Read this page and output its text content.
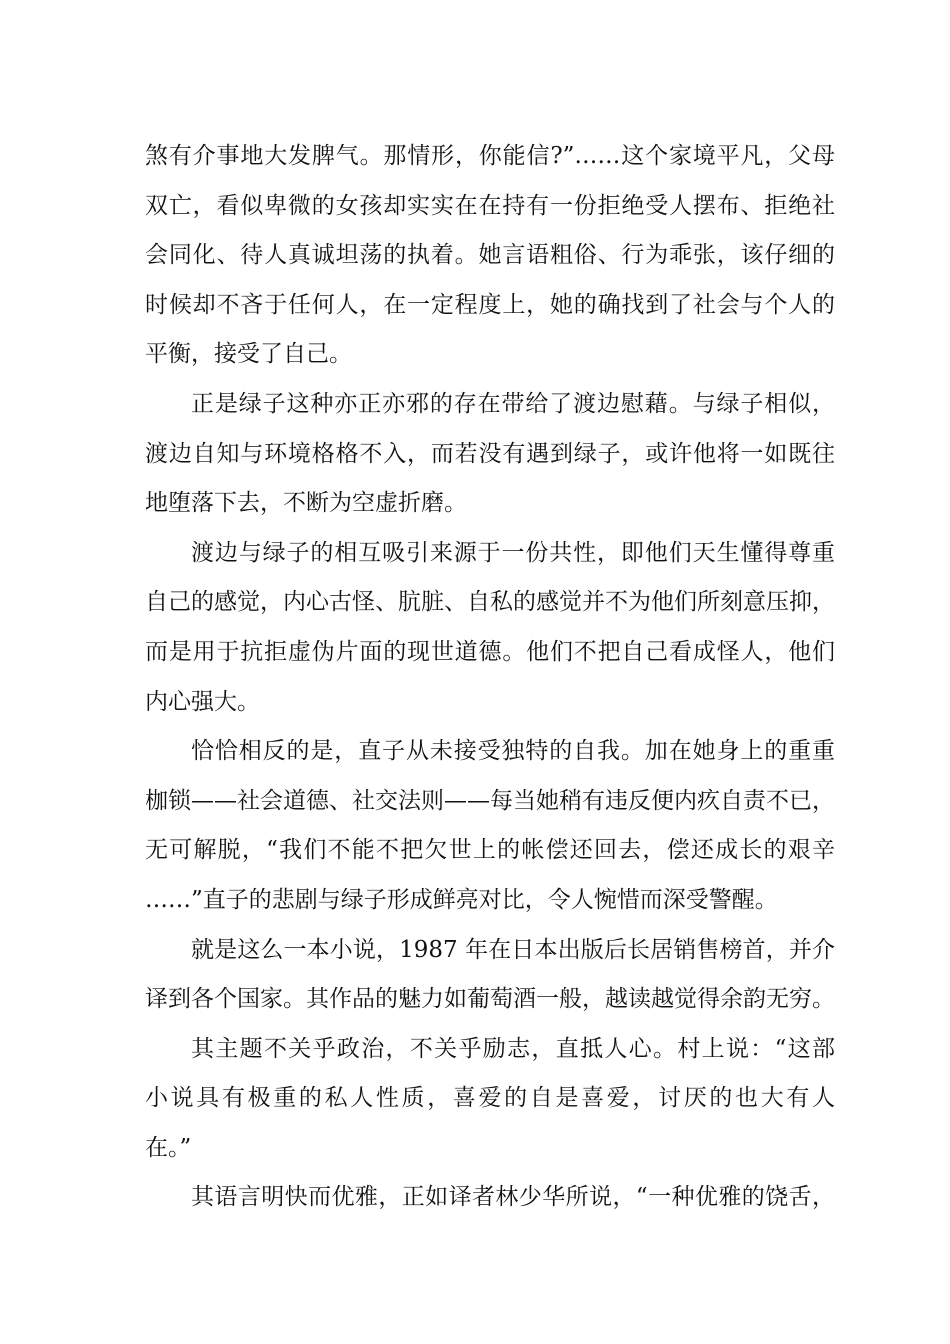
煞有介事地大发脾气。那情形，你能信?”……这个家境平凡，父母
双亡，看似卑微的女孩却实实在在持有一份拒绝受人摆布、拒绝社
会同化、待人真诚坦荡的执着。她言语粗俗、行为乖张，该仔细的
时候却不吝于任何人，在一定程度上，她的确找到了社会与个人的
平衡，接受了自己。
正是绿子这种亦正亦邪的存在带给了渡边慰藉。与绿子相似，
渡边自知与环境格格不入，而若没有遇到绿子，或许他将一如既往
地堕落下去，不断为空虚折磨。
渡边与绿子的相互吸引来源于一份共性，即他们天生懂得尊重
自己的感觉，内心古怪、肮脏、自私的感觉并不为他们所刻意压抑，
而是用于抗拒虚伪片面的现世道德。他们不把自己看成怪人，他们
内心强大。
恰恰相反的是，直子从未接受独特的自我。加在她身上的重重
枷锁——社会道德、社交法则——每当她稍有违反便内疚自责不已，
无可解脱，“我们不能不把欠世上的帐偿还回去，偿还成长的艰辛
……”直子的悲剧与绿子形成鲜亮对比，令人惋惜而深受警醒。
就是这么一本小说，1987 年在日本出版后长居销售榜首，并介
译到各个国家。其作品的魅力如葡萄酒一般，越读越觉得余韵无穷。
其主题不关乎政治，不关乎励志，直抵人心。村上说：“这部
小说具有极重的私人性质，喜爱的自是喜爱，讨厌的也大有人
在。”
其语言明快而优雅，正如译者林少华所说，“一种优雅的饶舌，
